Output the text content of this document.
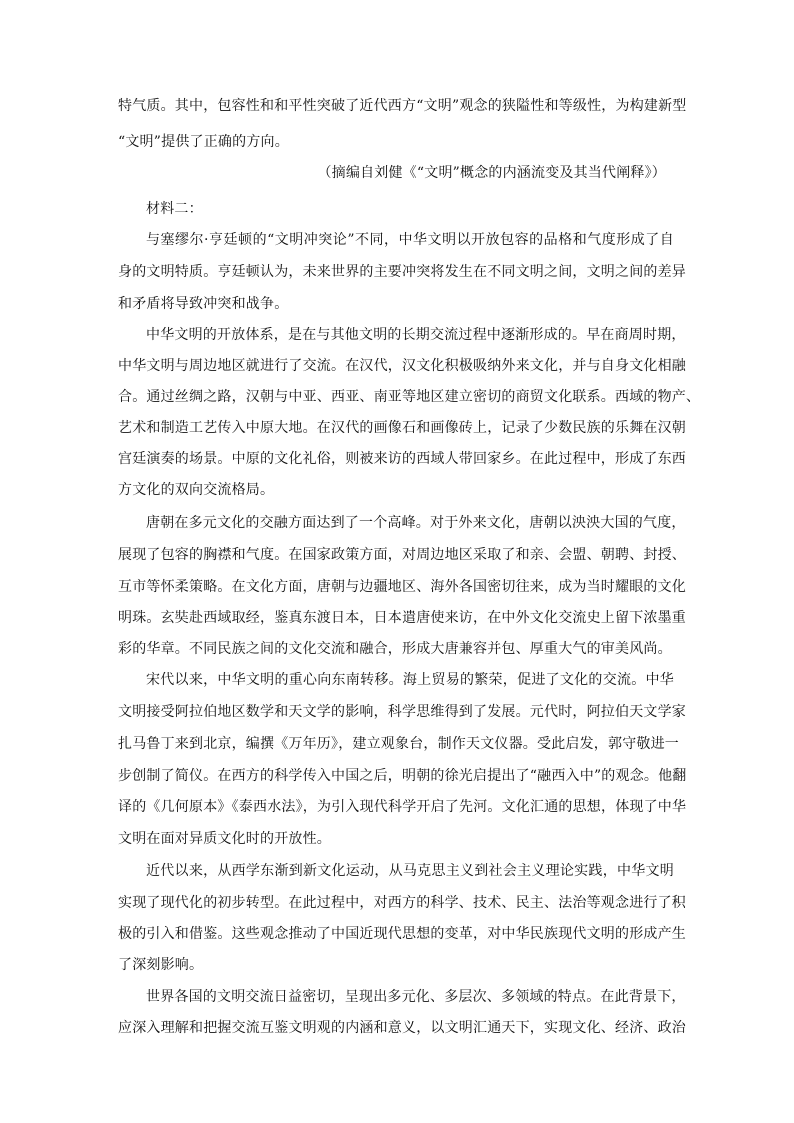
特气质。其中，包容性和和平性突破了近代西方“文明”观念的狭隘性和等级性，为构建新型
“文明”提供了正确的方向。
（摘编自刘健《“文明”概念的内涵流变及其当代阐释》）
材料二：
与塞缪尔·亨廷顿的“文明冲突论”不同，中华文明以开放包容的品格和气度形成了自
身的文明特质。亨廷顿认为，未来世界的主要冲突将发生在不同文明之间，文明之间的差异
和矛盾将导致冲突和战争。
中华文明的开放体系，是在与其他文明的长期交流过程中逐渐形成的。早在商周时期，
中华文明与周边地区就进行了交流。在汉代，汉文化积极吸纳外来文化，并与自身文化相融
合。通过丝绸之路，汉朝与中亚、西亚、南亚等地区建立密切的商贸文化联系。西域的物产、
艺术和制造工艺传入中原大地。在汉代的画像石和画像砖上，记录了少数民族的乐舞在汉朝
宫廷演奏的场景。中原的文化礼俗，则被来访的西域人带回家乡。在此过程中，形成了东西
方文化的双向交流格局。
唐朝在多元文化的交融方面达到了一个高峰。对于外来文化，唐朝以泱泱大国的气度，
展现了包容的胸襟和气度。在国家政策方面，对周边地区采取了和亲、会盟、朝聘、封授、
互市等怀柔策略。在文化方面，唐朝与边疆地区、海外各国密切往来，成为当时耀眼的文化
明珠。玄奘赴西域取经，鉴真东渡日本，日本遣唐使来访，在中外文化交流史上留下浓墨重
彩的华章。不同民族之间的文化交流和融合，形成大唐兼容并包、厚重大气的审美风尚。
宋代以来，中华文明的重心向东南转移。海上贸易的繁荣，促进了文化的交流。中华
文明接受阿拉伯地区数学和天文学的影响，科学思维得到了发展。元代时，阿拉伯天文学家
扎马鲁丁来到北京，编撰《万年历》，建立观象台，制作天文仪器。受此启发，郭守敬进一
步创制了简仪。在西方的科学传入中国之后，明朝的徐光启提出了“融西入中”的观念。他翻
译的《几何原本》《泰西水法》，为引入现代科学开启了先河。文化汇通的思想，体现了中华
文明在面对异质文化时的开放性。
近代以来，从西学东渐到新文化运动，从马克思主义到社会主义理论实践，中华文明
实现了现代化的初步转型。在此过程中，对西方的科学、技术、民主、法治等观念进行了积
极的引入和借鉴。这些观念推动了中国近现代思想的变革，对中华民族现代文明的形成产生
了深刻影响。
世界各国的文明交流日益密切，呈现出多元化、多层次、多领域的特点。在此背景下，
应深入理解和把握交流互鉴文明观的内涵和意义，以文明汇通天下，实现文化、经济、政治
